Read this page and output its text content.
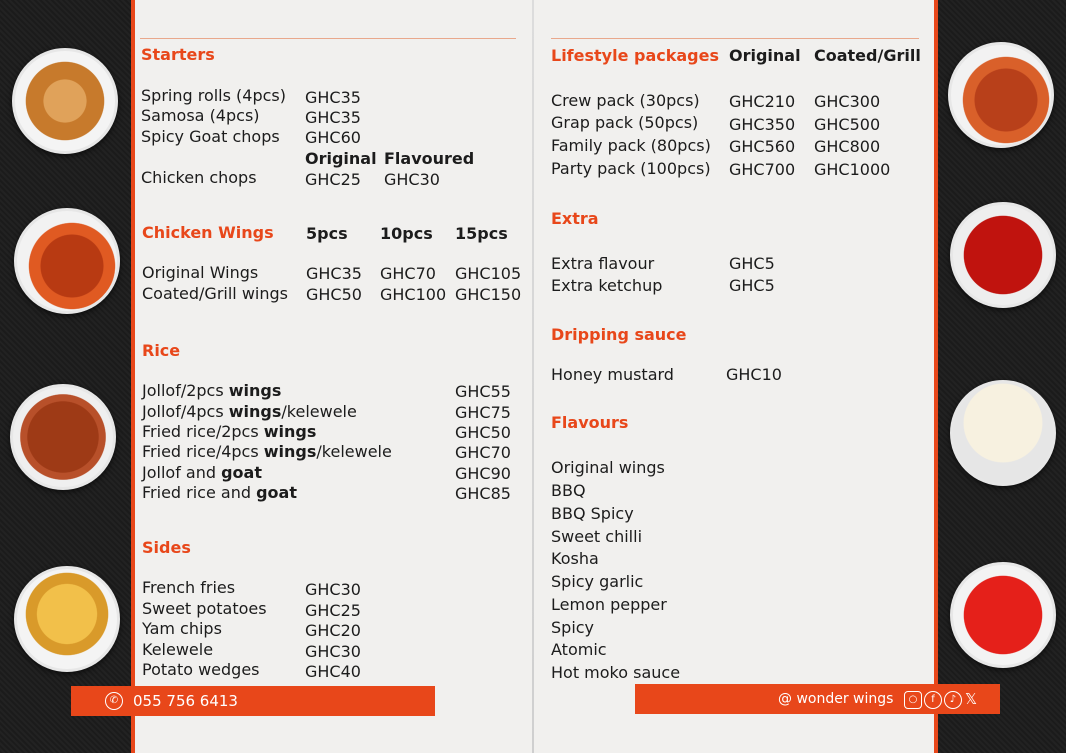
Starters
Spring rolls (4pcs) GHC35
Samosa (4pcs)	GHC35
Spicy Goat chops GHC60
Original Flavoured
Chicken chops	GHC25 GHC30
Chicken Wings 5pcs 10pcs 15pcs
Original Wings	GHC35 GHC70 GHC105
Coated/Grill wings GHC50 GHC100 GHC150
Rice
Jollof/2pcs wings	GHC55
Jollof/4pcs wings/kelewele	GHC75
Fried rice/2pcs wings	GHC50
Fried rice/4pcs wings/kelewele	GHC70
Jollof and goat	GHC90
Fried rice and goat	GHC85
Sides
French fries	GHC30
Sweet potatoes GHC25
Yam chips	GHC20
Kelewele	GHC30
Potato wedges	GHC40
Lifestyle packages Original Coated/Grill
Crew pack (30pcs) GHC210 GHC300
Grap pack (50pcs) GHC350 GHC500
Family pack (80pcs) GHC560 GHC800
Party pack (100pcs) GHC700 GHC1000
Extra
Extra flavour	GHC5
Extra ketchup	GHC5
Dripping sauce
Honey mustard	GHC10
Flavours
Original wings
BBQ
BBQ Spicy
Sweet chilli
Kosha
Spicy garlic
Lemon pepper
Spicy
Atomic
Hot moko sauce
✆ 055 756 6413	@ wonder wings	○	f	♪ 𝕏
